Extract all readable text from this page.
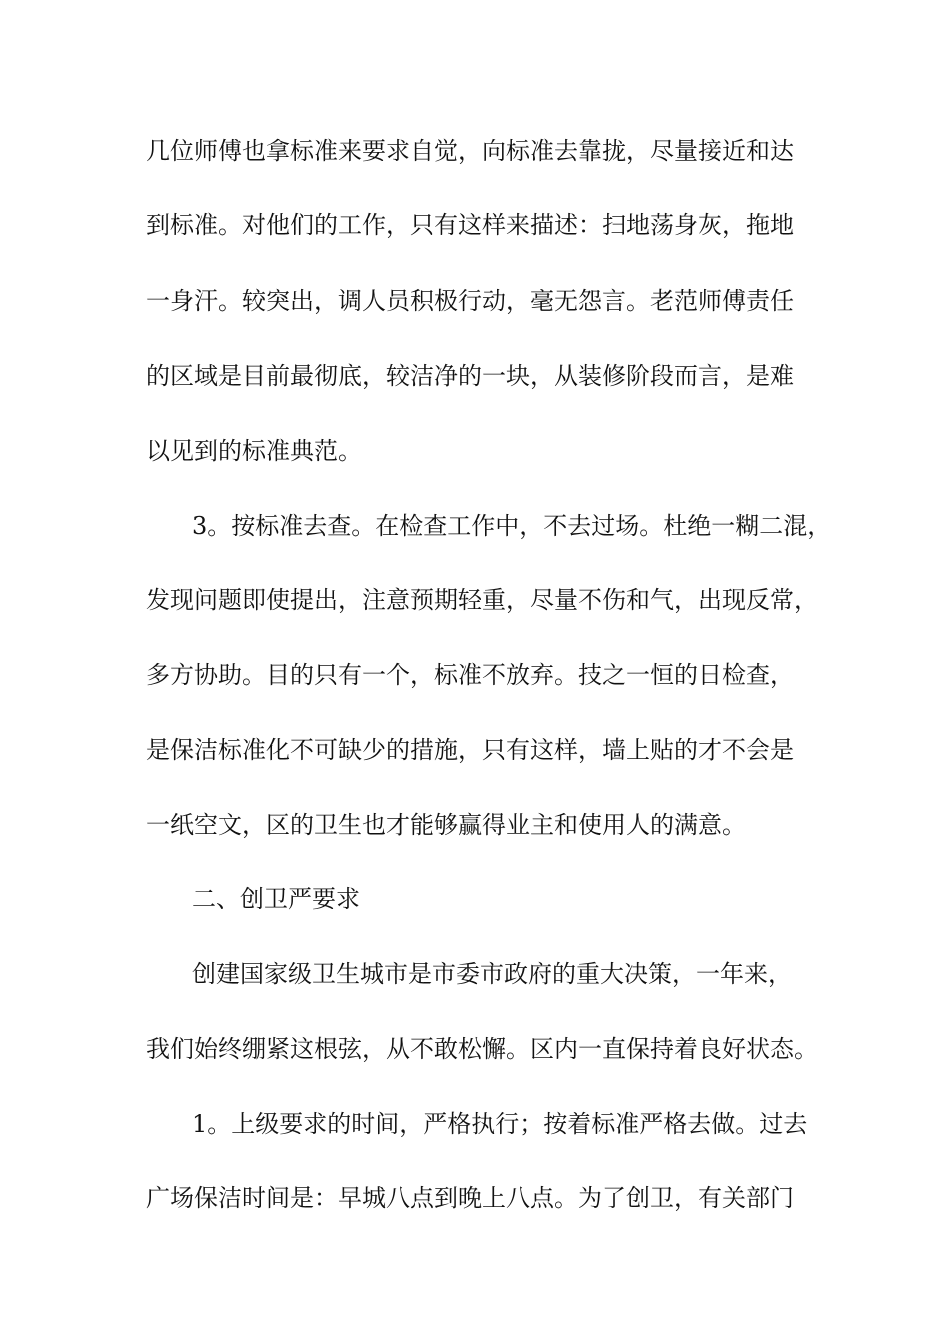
几位师傅也拿标准来要求自觉，向标准去靠拢，尽量接近和达
到标准。对他们的工作，只有这样来描述：扫地荡身灰，拖地
一身汗。较突出，调人员积极行动，毫无怨言。老范师傅责任
的区域是目前最彻底，较洁净的一块，从装修阶段而言，是难
以见到的标准典范。
3。按标准去查。在检查工作中，不去过场。杜绝一糊二混，
发现问题即使提出，注意预期轻重，尽量不伤和气，出现反常，
多方协助。目的只有一个，标准不放弃。技之一恒的日检查，
是保洁标准化不可缺少的措施，只有这样，墙上贴的才不会是
一纸空文，区的卫生也才能够赢得业主和使用人的满意。
二、创卫严要求
创建国家级卫生城市是市委市政府的重大决策，一年来，
我们始终绷紧这根弦，从不敢松懈。区内一直保持着良好状态。
1。上级要求的时间，严格执行；按着标准严格去做。过去
广场保洁时间是：早城八点到晚上八点。为了创卫，有关部门
